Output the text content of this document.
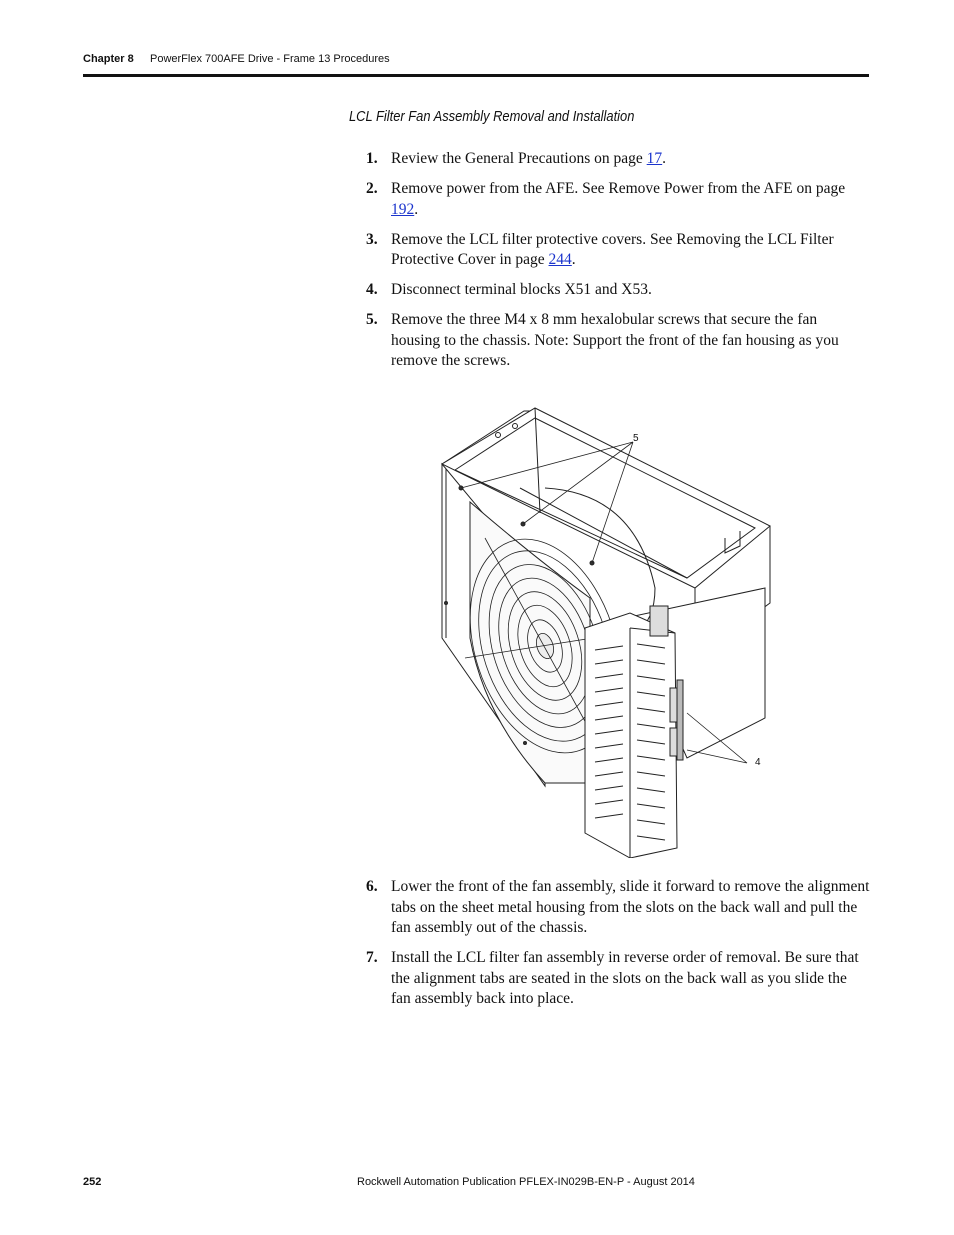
Chapter 8 PowerFlex 700AFE Drive - Frame 13 Procedures
LCL Filter Fan Assembly Removal and Installation
1. Review the General Precautions on page 17.
2. Remove power from the AFE. See Remove Power from the AFE on page 192.
3. Remove the LCL filter protective covers. See Removing the LCL Filter Protective Cover in page 244.
4. Disconnect terminal blocks X51 and X53.
5. Remove the three M4 x 8 mm hexalobular screws that secure the fan housing to the chassis. Note: Support the front of the fan housing as you remove the screws.
5
4
6. Lower the front of the fan assembly, slide it forward to remove the alignment tabs on the sheet metal housing from the slots on the back wall and pull the fan assembly out of the chassis.
7. Install the LCL filter fan assembly in reverse order of removal. Be sure that the alignment tabs are seated in the slots on the back wall as you slide the fan assembly back into place.
252	Rockwell Automation Publication PFLEX-IN029B-EN-P - August 2014
